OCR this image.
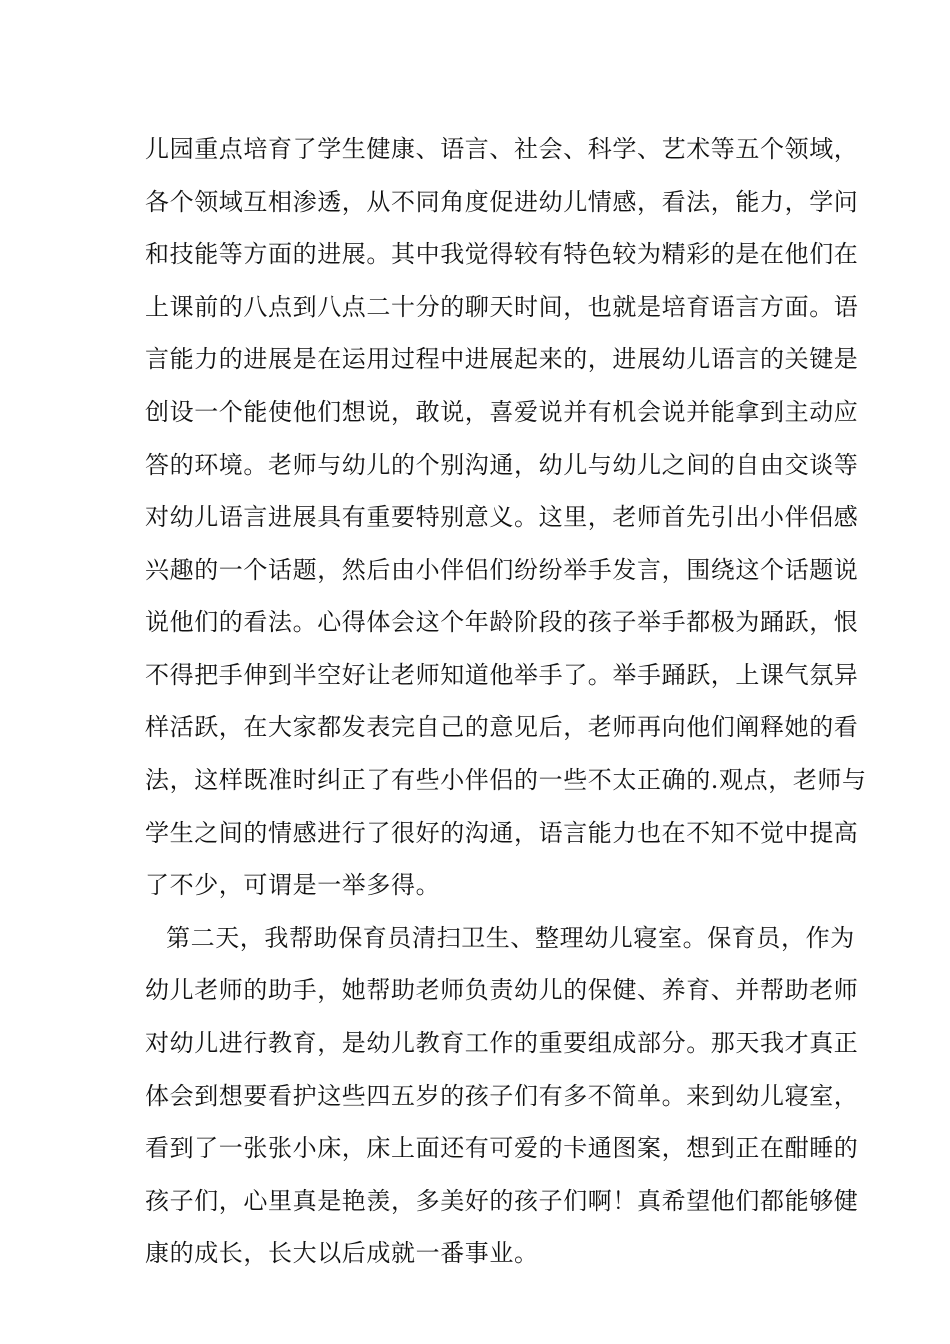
儿园重点培育了学生健康、语言、社会、科学、艺术等五个领域，
各个领域互相渗透，从不同角度促进幼儿情感，看法，能力，学问
和技能等方面的进展。其中我觉得较有特色较为精彩的是在他们在
上课前的八点到八点二十分的聊天时间，也就是培育语言方面。语
言能力的进展是在运用过程中进展起来的，进展幼儿语言的关键是
创设一个能使他们想说，敢说，喜爱说并有机会说并能拿到主动应
答的环境。老师与幼儿的个别沟通，幼儿与幼儿之间的自由交谈等
对幼儿语言进展具有重要特别意义。这里，老师首先引出小伴侣感
兴趣的一个话题，然后由小伴侣们纷纷举手发言，围绕这个话题说
说他们的看法。心得体会这个年龄阶段的孩子举手都极为踊跃，恨
不得把手伸到半空好让老师知道他举手了。举手踊跃，上课气氛异
样活跃，在大家都发表完自己的意见后，老师再向他们阐释她的看
法，这样既准时纠正了有些小伴侣的一些不太正确的.观点，老师与
学生之间的情感进行了很好的沟通，语言能力也在不知不觉中提高
了不少，可谓是一举多得。
第二天，我帮助保育员清扫卫生、整理幼儿寝室。保育员，作为
幼儿老师的助手，她帮助老师负责幼儿的保健、养育、并帮助老师
对幼儿进行教育，是幼儿教育工作的重要组成部分。那天我才真正
体会到想要看护这些四五岁的孩子们有多不简单。来到幼儿寝室，
看到了一张张小床，床上面还有可爱的卡通图案，想到正在酣睡的
孩子们，心里真是艳羡，多美好的孩子们啊！真希望他们都能够健
康的成长，长大以后成就一番事业。
